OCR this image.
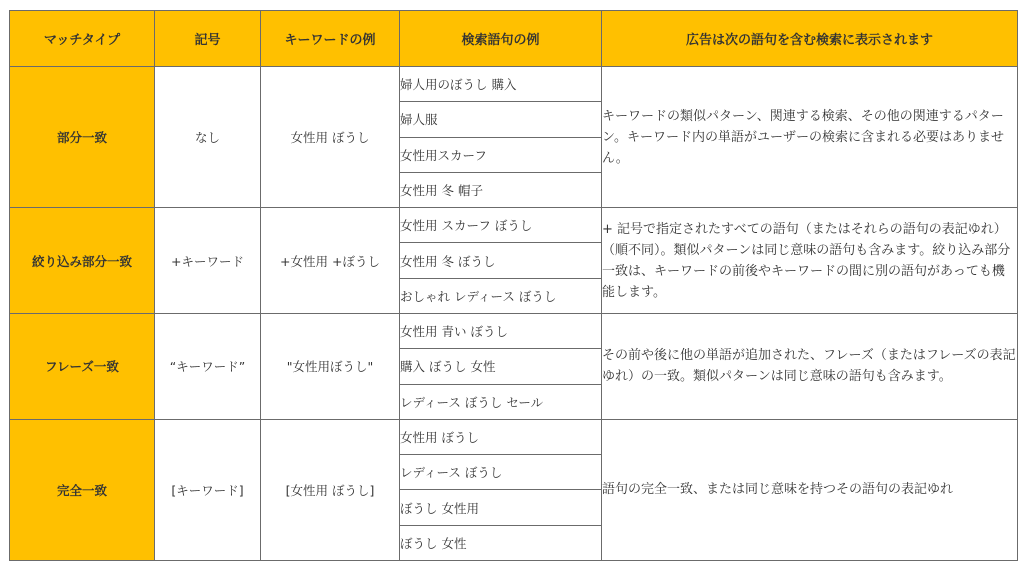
マッチタイプ	記号	キーワードの例	検索語句の例	広告は次の語句を含む検索に表示されます
部分一致	なし	女性用 ぼうし	婦人用のぼうし 購入	キーワードの類似パターン、関連する検索、その他の関連するパターン。キーワード内の単語がユーザーの検索に含まれる必要はありません。
			婦人服	
			女性用スカーフ	
			女性用 冬 帽子	
絞り込み部分一致	+キーワード	+女性用 +ぼうし	女性用 スカーフ ぼうし	+ 記号で指定されたすべての語句（またはそれらの語句の表記ゆれ）（順不同）。類似パターンは同じ意味の語句も含みます。絞り込み部分一致は、キーワードの前後やキーワードの間に別の語句があっても機能します。
			女性用 冬 ぼうし	
			おしゃれ レディース ぼうし	
フレーズ一致	“キーワード”	"女性用ぼうし"	女性用 青い ぼうし	その前や後に他の単語が追加された、フレーズ（またはフレーズの表記ゆれ）の一致。類似パターンは同じ意味の語句も含みます。
			購入 ぼうし 女性	
			レディース ぼうし セール	
完全一致	[キーワード]	[女性用 ぼうし]	女性用 ぼうし	語句の完全一致、または同じ意味を持つその語句の表記ゆれ
			レディース ぼうし	
			ぼうし 女性用	
			ぼうし 女性	
